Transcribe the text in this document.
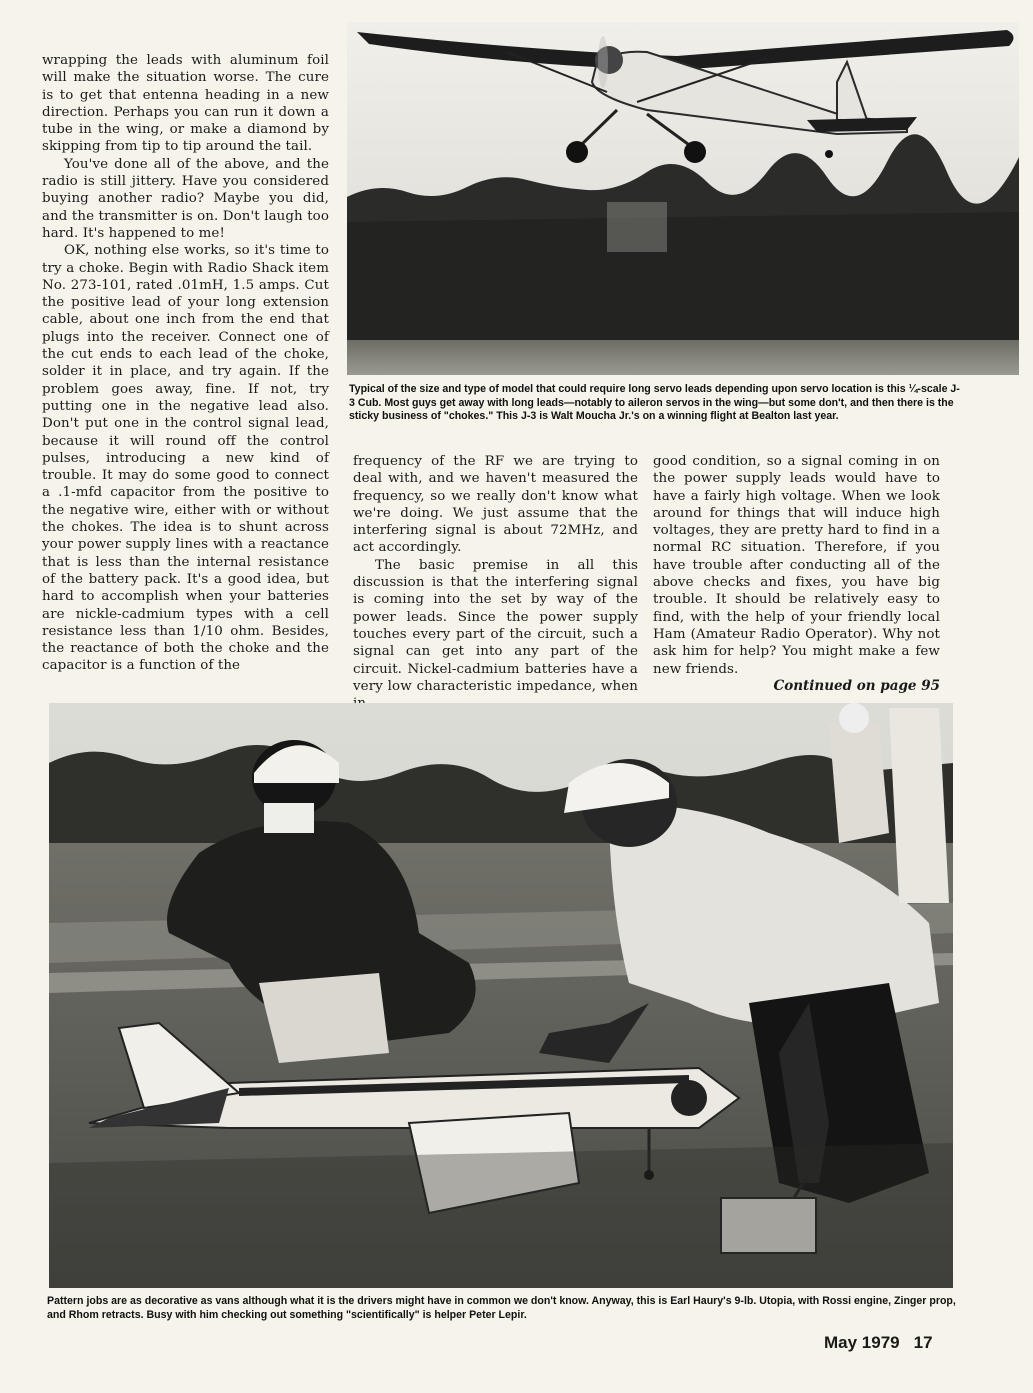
wrapping the leads with aluminum foil will make the situation worse. The cure is to get that entenna heading in a new direction. Perhaps you can run it down a tube in the wing, or make a diamond by skipping from tip to tip around the tail.

You've done all of the above, and the radio is still jittery. Have you considered buying another radio? Maybe you did, and the transmitter is on. Don't laugh too hard. It's happened to me!

OK, nothing else works, so it's time to try a choke. Begin with Radio Shack item No. 273-101, rated .01mH, 1.5 amps. Cut the positive lead of your long extension cable, about one inch from the end that plugs into the receiver. Connect one of the cut ends to each lead of the choke, solder it in place, and try again. If the problem goes away, fine. If not, try putting one in the negative lead also. Don't put one in the control signal lead, because it will round off the control pulses, introducing a new kind of trouble. It may do some good to connect a .1-mfd capacitor from the positive to the negative wire, either with or without the chokes. The idea is to shunt across your power supply lines with a reactance that is less than the internal resistance of the battery pack. It's a good idea, but hard to accomplish when your batteries are nickle-cadmium types with a cell resistance less than 1/10 ohm. Besides, the reactance of both the choke and the capacitor is a function of the

Typical of the size and type of model that could require long servo leads depending upon servo location is this ¼-scale J-3 Cub. Most guys get away with long leads—notably to aileron servos in the wing—but some don't, and then there is the sticky business of "chokes." This J-3 is Walt Moucha Jr.'s on a winning flight at Bealton last year.

frequency of the RF we are trying to deal with, and we haven't measured the frequency, so we really don't know what we're doing. We just assume that the interfering signal is about 72MHz, and act accordingly.

The basic premise in all this discussion is that the interfering signal is coming into the set by way of the power leads. Since the power supply touches every part of the circuit, such a signal can get into any part of the circuit. Nickel-cadmium batteries have a very low characteristic impedance, when

good condition, so a signal coming in on the power supply leads would have to have a fairly high voltage. When we look around for things that will induce high voltages, they are pretty hard to find in a normal RC situation. Therefore, if you have trouble after conducting all of the above checks and fixes, you have big trouble. It should be relatively easy to find, with the help of your friendly local Ham (Amateur Radio Operator). Why not ask him for help? You might make a few new friends.

Continued on page 95
Pattern jobs are as decorative as vans although what it is the drivers might have in common we don't know. Anyway, this is Earl Haury's 9-lb. Utopia, with Rossi engine, Zinger prop, and Rhom retracts. Busy with him checking out something "scientifically" is helper Peter Lepir.
May 1979 17
